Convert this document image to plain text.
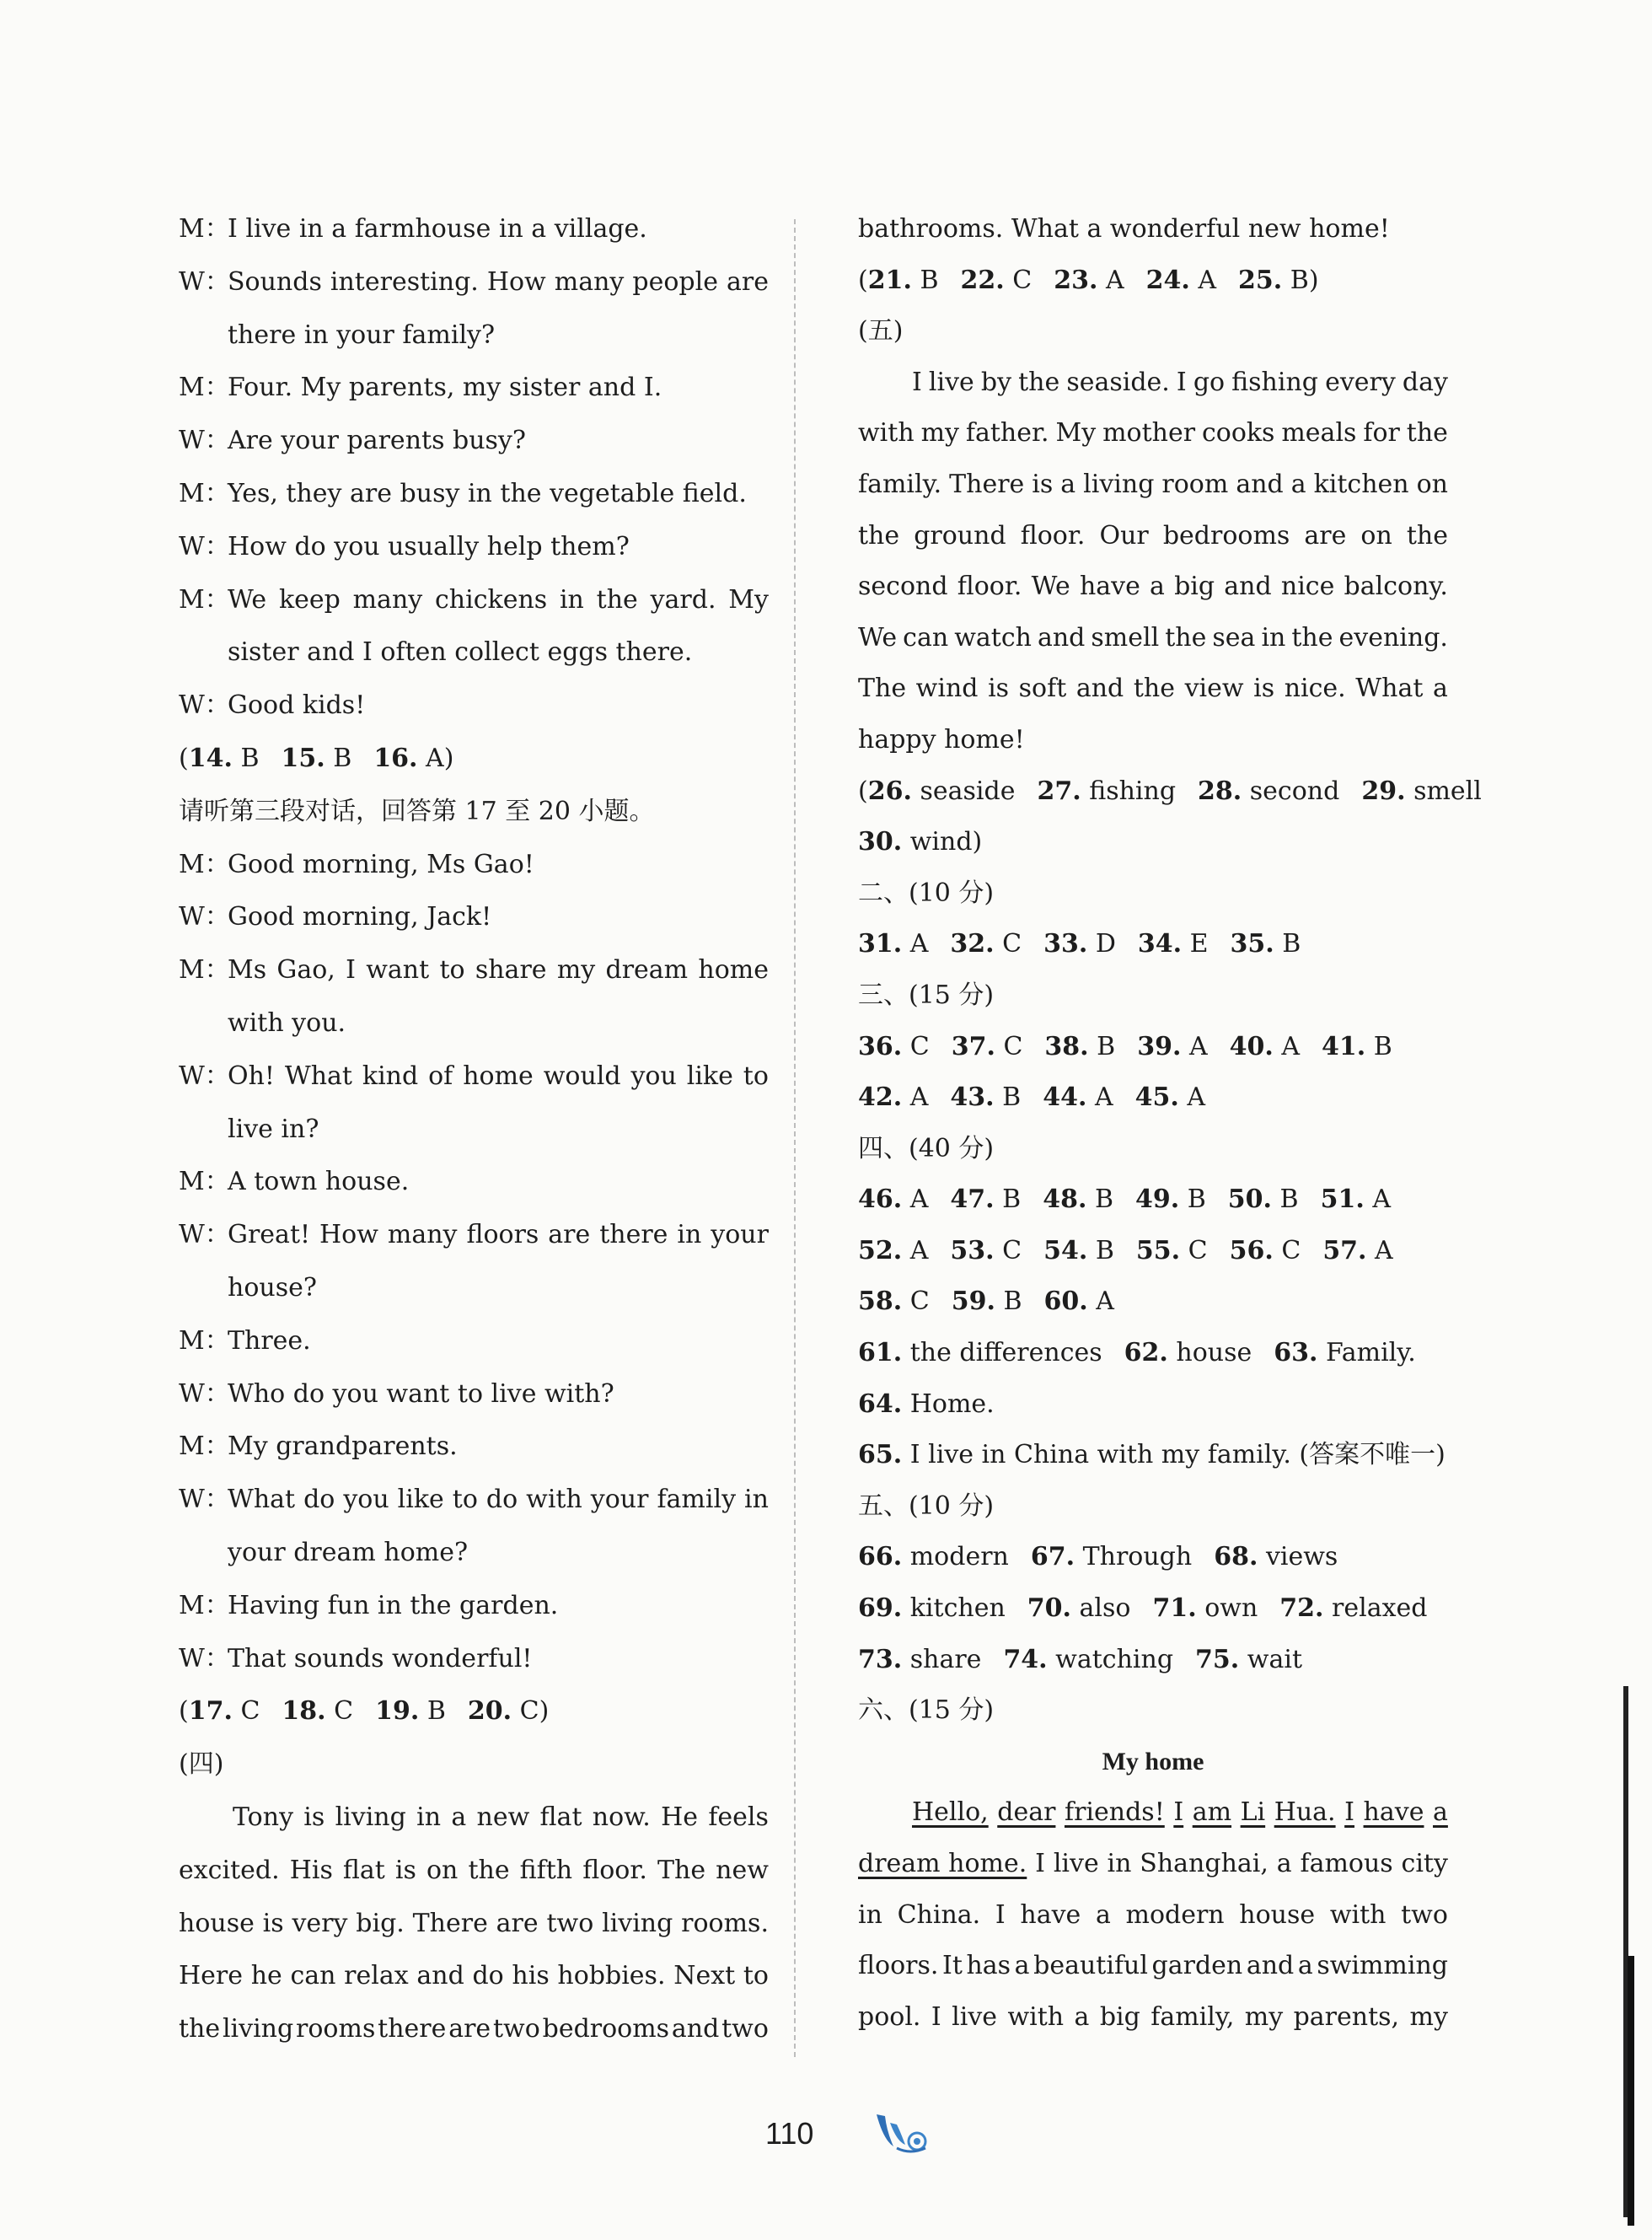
M：I live in a farmhouse in a village.
W：
Sounds interesting. How many people are
there in your family?
M：Four. My parents, my sister and I.
W：Are your parents busy?
M：Yes, they are busy in the vegetable field.
W：How do you usually help them?
M：
We keep many chickens in the yard. My
sister and I often collect eggs there.
W：Good kids!
(14. B 15. B 16. A)
请听第三段对话，回答第 17 至 20 小题。
M：Good morning, Ms Gao!
W：Good morning, Jack!
M：
Ms Gao, I want to share my dream home
with you.
W：
Oh! What kind of home would you like to
live in?
M：A town house.
W：
Great! How many floors are there in your
house?
M：Three.
W：Who do you want to live with?
M：My grandparents.
W：
What do you like to do with your family in
your dream home?
M：Having fun in the garden.
W：That sounds wonderful!
(17. C 18. C 19. B 20. C)
(四)
Tony is living in a new flat now. He feels
excited. His flat is on the fifth floor. The new
house is very big. There are two living rooms.
Here he can relax and do his hobbies. Next to
the living rooms there are two bedrooms and two
bathrooms. What a wonderful new home!
(21. B 22. C 23. A 24. A 25. B)
(五)
I live by the seaside. I go fishing every day
with my father. My mother cooks meals for the
family. There is a living room and a kitchen on
the ground floor. Our bedrooms are on the
second floor. We have a big and nice balcony.
We can watch and smell the sea in the evening.
The wind is soft and the view is nice. What a
happy home!
(26. seaside 27. fishing 28. second 29. smell
30. wind)
二、(10 分)
31. A 32. C 33. D 34. E 35. B
三、(15 分)
36. C 37. C 38. B 39. A 40. A 41. B
42. A 43. B 44. A 45. A
四、(40 分)
46. A 47. B 48. B 49. B 50. B 51. A
52. A 53. C 54. B 55. C 56. C 57. A
58. C 59. B 60. A
61. the differences 62. house 63. Family.
64. Home.
65. I live in China with my family. (答案不唯一)
五、(10 分)
66. modern 67. Through 68. views
69. kitchen 70. also 71. own 72. relaxed
73. share 74. watching 75. wait
六、(15 分)
My home
Hello, dear friends! I am Li Hua. I have a
dream home. I live in Shanghai, a famous city
in China. I have a modern house with two
floors. It has a beautiful garden and a swimming
pool. I live with a big family, my parents, my
110
